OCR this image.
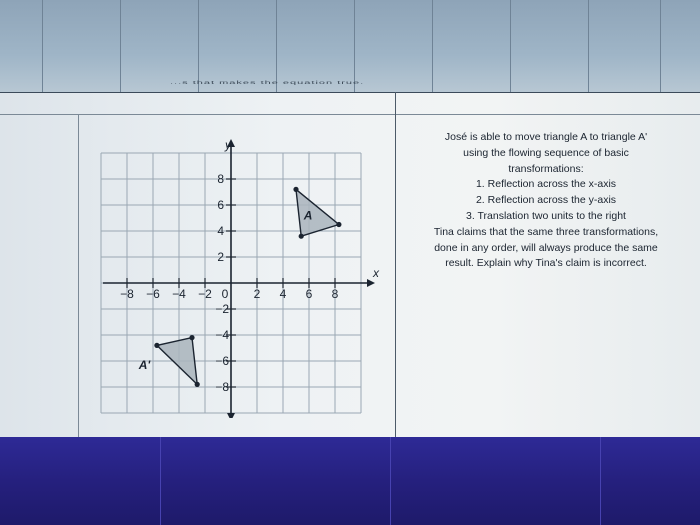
...s that makes the equation true.
−8 −6 −4 −2 0 2 4 6 8
8
6
4
2
−2
−4
−6
−8
x
y
A
A'

José is able to move triangle A to triangle A'

using the flowing sequence of basic

transformations:

1. Reflection across the x-axis

2. Reflection across the y-axis

3. Translation two units to the right

Tina claims that the same three transformations,

done in any order, will always produce the same

result. Explain why Tina's claim is incorrect.
